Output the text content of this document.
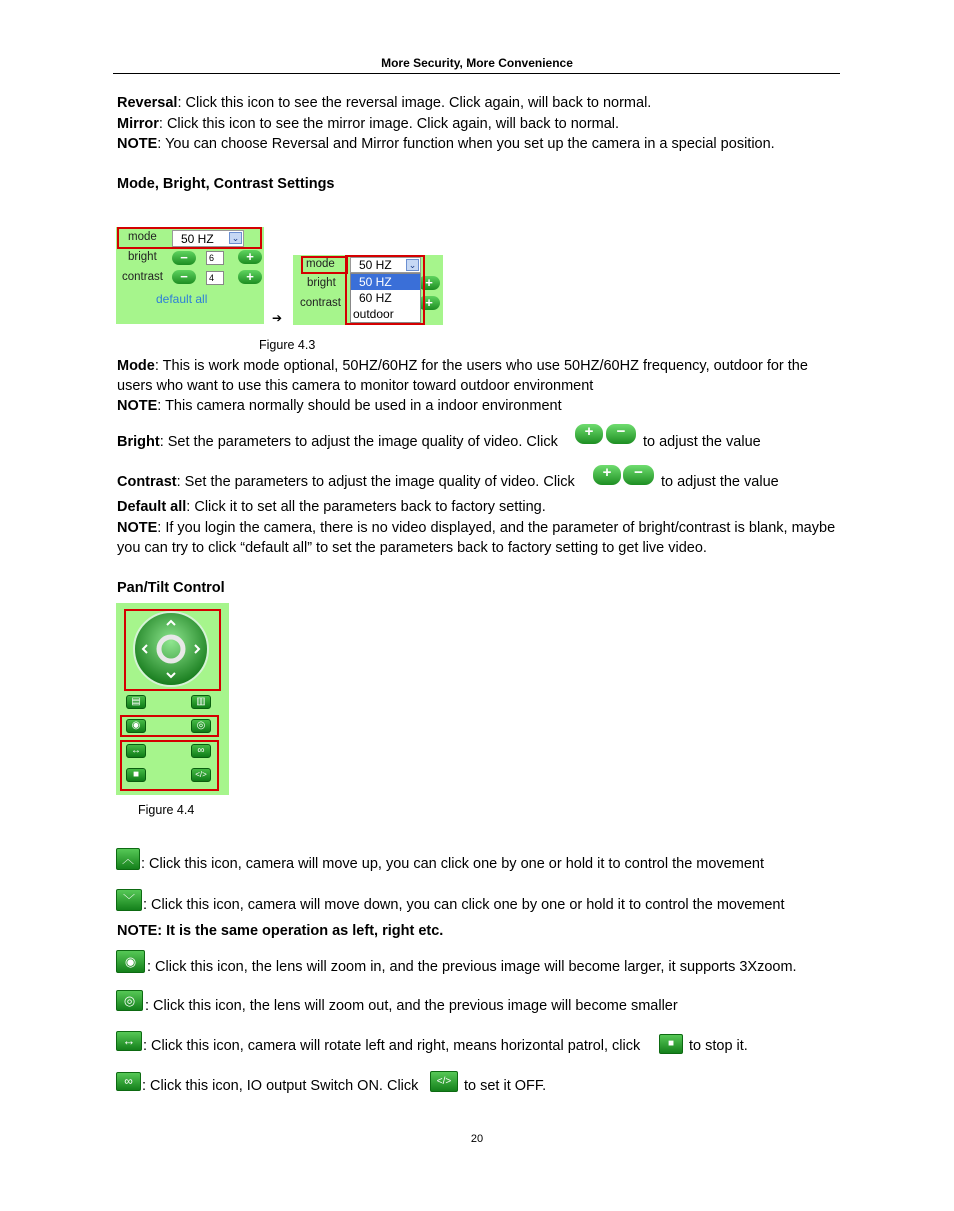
More Security, More Convenience
Reversal: Click this icon to see the reversal image. Click again, will back to normal.
Mirror: Click this icon to see the mirror image. Click again, will back to normal.
NOTE: You can choose Reversal and Mirror function when you set up the camera in a special position.
Mode, Bright, Contrast Settings
mode	50 HZ	⌄
bright	−	6	+
contrast	−	4	+
default all
➔
mode
bright
contrast
+
+
50 HZ	⌄
50 HZ
60 HZ
outdoor
Figure 4.3
Mode: This is work mode optional, 50HZ/60HZ for the users who use 50HZ/60HZ frequency, outdoor for the users who want to use this camera to monitor toward outdoor environment
NOTE: This camera normally should be used in a indoor environment
Bright: Set the parameters to adjust the image quality of video. Click
+	−
to adjust the value
Contrast: Set the parameters to adjust the image quality of video. Click
+	−
to adjust the value
Default all: Click it to set all the parameters back to factory setting.
NOTE: If you login the camera, there is no video displayed, and the parameter of bright/contrast is blank, maybe you can try to click “default all” to set the parameters back to factory setting to get live video.
Pan/Tilt Control
▤	▥
◉	◎
↔	∞
■	</>
Figure 4.4
︿ : Click this icon, camera will move up, you can click one by one or hold it to control the movement
﹀ : Click this icon, camera will move down, you can click one by one or hold it to control the movement
NOTE: It is the same operation as left, right etc.
◉ : Click this icon, the lens will zoom in, and the previous image will become larger, it supports 3Xzoom.
◎ : Click this icon, the lens will zoom out, and the previous image will become smaller
↔ : Click this icon, camera will rotate left and right, means horizontal patrol, click	■	to stop it.
∞ : Click this icon, IO output Switch ON. Click	</> to set it OFF.
20
